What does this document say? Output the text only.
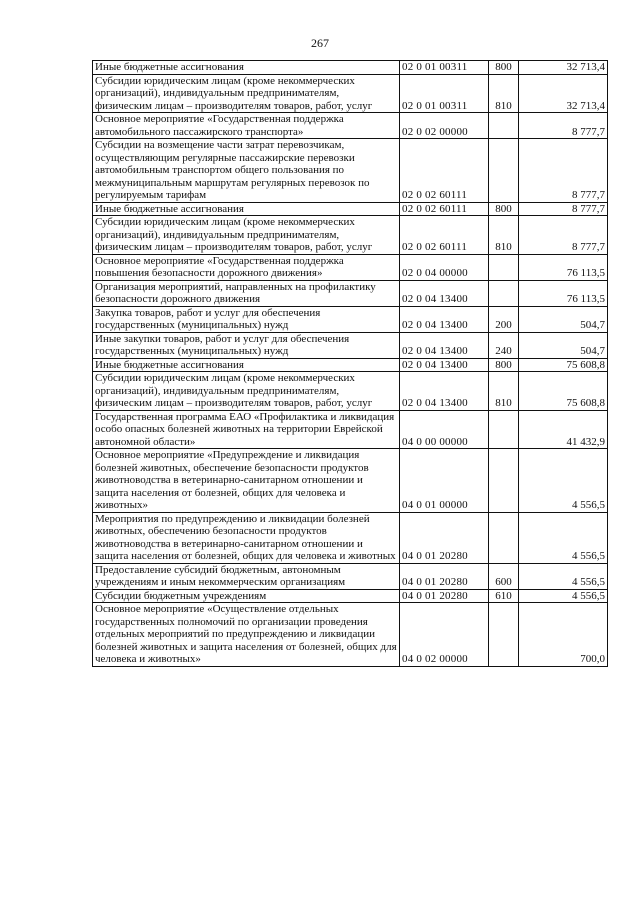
267
Иные бюджетные ассигнования	02 0 01 00311	800	32 713,4
Субсидии юридическим лицам (кроме некоммерческих организаций), индивидуальным предпринимателям, физическим лицам – производителям товаров, работ, услуг	02 0 01 00311	810	32 713,4
Основное мероприятие «Государственная поддержка автомобильного пассажирского транспорта»	02 0 02 00000		8 777,7
Субсидии на возмещение части затрат перевозчикам, осуществляющим регулярные пассажирские перевозки автомобильным транспортом общего пользования по межмуниципальным маршрутам регулярных перевозок по регулируемым тарифам	02 0 02 60111		8 777,7
Иные бюджетные ассигнования	02 0 02 60111	800	8 777,7
Субсидии юридическим лицам (кроме некоммерческих организаций), индивидуальным предпринимателям, физическим лицам – производителям товаров, работ, услуг	02 0 02 60111	810	8 777,7
Основное мероприятие «Государственная поддержка повышения безопасности дорожного движения»	02 0 04 00000		76 113,5
Организация мероприятий, направленных на профилактику безопасности дорожного движения	02 0 04 13400		76 113,5
Закупка товаров, работ и услуг для обеспечения государственных (муниципальных) нужд	02 0 04 13400	200	504,7
Иные закупки товаров, работ и услуг для обеспечения государственных (муниципальных) нужд	02 0 04 13400	240	504,7
Иные бюджетные ассигнования	02 0 04 13400	800	75 608,8
Субсидии юридическим лицам (кроме некоммерческих организаций), индивидуальным предпринимателям, физическим лицам – производителям товаров, работ, услуг	02 0 04 13400	810	75 608,8
Государственная программа ЕАО «Профилактика и ликвидация особо опасных болезней животных на территории Еврейской автономной области»	04 0 00 00000		41 432,9
Основное мероприятие «Предупреждение и ликвидация болезней животных, обеспечение безопасности продуктов животноводства в ветеринарно-санитарном отношении и защита населения от болезней, общих для человека и животных»	04 0 01 00000		4 556,5
Мероприятия по предупреждению и ликвидации болезней животных, обеспечению безопасности продуктов животноводства в ветеринарно-санитарном отношении и защита населения от болезней, общих для человека и животных	04 0 01 20280		4 556,5
Предоставление субсидий бюджетным, автономным учреждениям и иным некоммерческим организациям	04 0 01 20280	600	4 556,5
Субсидии бюджетным учреждениям	04 0 01 20280	610	4 556,5
Основное мероприятие «Осуществление отдельных государственных полномочий по организации проведения отдельных мероприятий по предупреждению и ликвидации болезней животных и защита населения от болезней, общих для человека и животных»	04 0 02 00000		700,0
